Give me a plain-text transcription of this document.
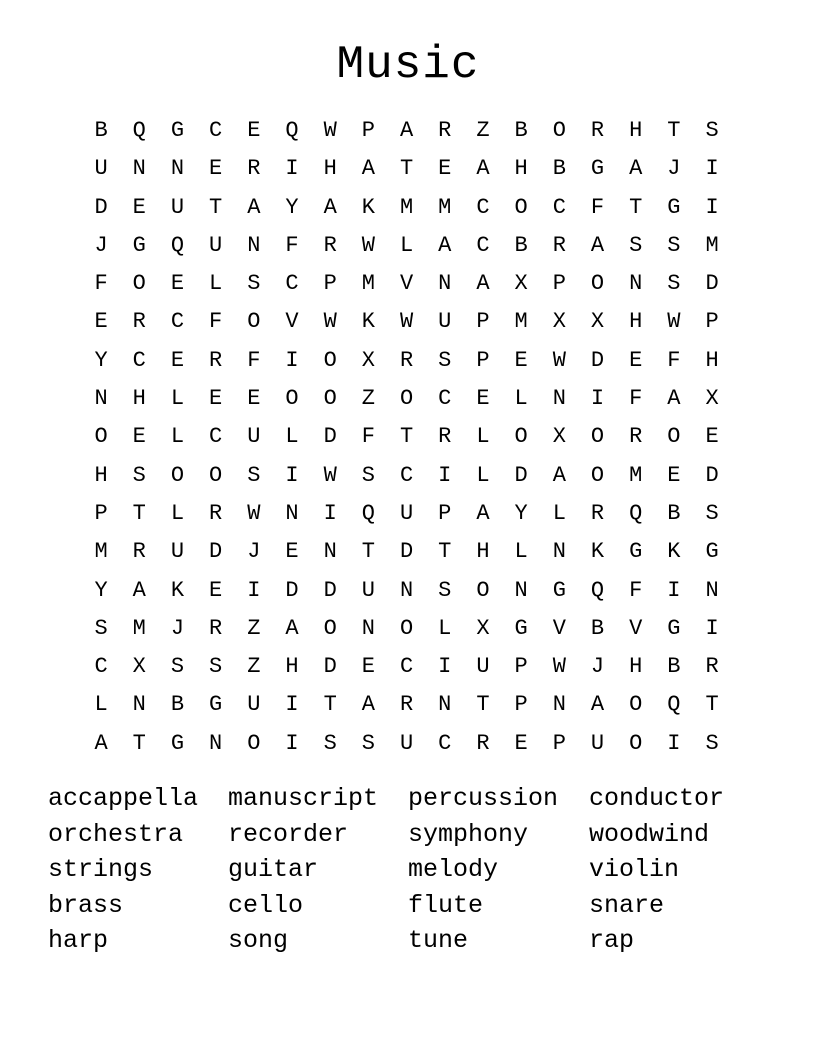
Music
B	Q	G	C	E	Q	W	P	A	R	Z	B	O	R	H	T	S
U	N	N	E	R	I	H	A	T	E	A	H	B	G	A	J	I
D	E	U	T	A	Y	A	K	M	M	C	O	C	F	T	G	I
J	G	Q	U	N	F	R	W	L	A	C	B	R	A	S	S	M
F	O	E	L	S	C	P	M	V	N	A	X	P	O	N	S	D
E	R	C	F	O	V	W	K	W	U	P	M	X	X	H	W	P
Y	C	E	R	F	I	O	X	R	S	P	E	W	D	E	F	H
N	H	L	E	E	O	O	Z	O	C	E	L	N	I	F	A	X
O	E	L	C	U	L	D	F	T	R	L	O	X	O	R	O	E
H	S	O	O	S	I	W	S	C	I	L	D	A	O	M	E	D
P	T	L	R	W	N	I	Q	U	P	A	Y	L	R	Q	B	S
M	R	U	D	J	E	N	T	D	T	H	L	N	K	G	K	G
Y	A	K	E	I	D	D	U	N	S	O	N	G	Q	F	I	N
S	M	J	R	Z	A	O	N	O	L	X	G	V	B	V	G	I
C	X	S	S	Z	H	D	E	C	I	U	P	W	J	H	B	R
L	N	B	G	U	I	T	A	R	N	T	P	N	A	O	Q	T
A	T	G	N	O	I	S	S	U	C	R	E	P	U	O	I	S
accappella	manuscript	percussion	conductor
orchestra	recorder	symphony	woodwind
strings	guitar	melody	violin
brass	cello	flute	snare
harp	song	tune	rap
